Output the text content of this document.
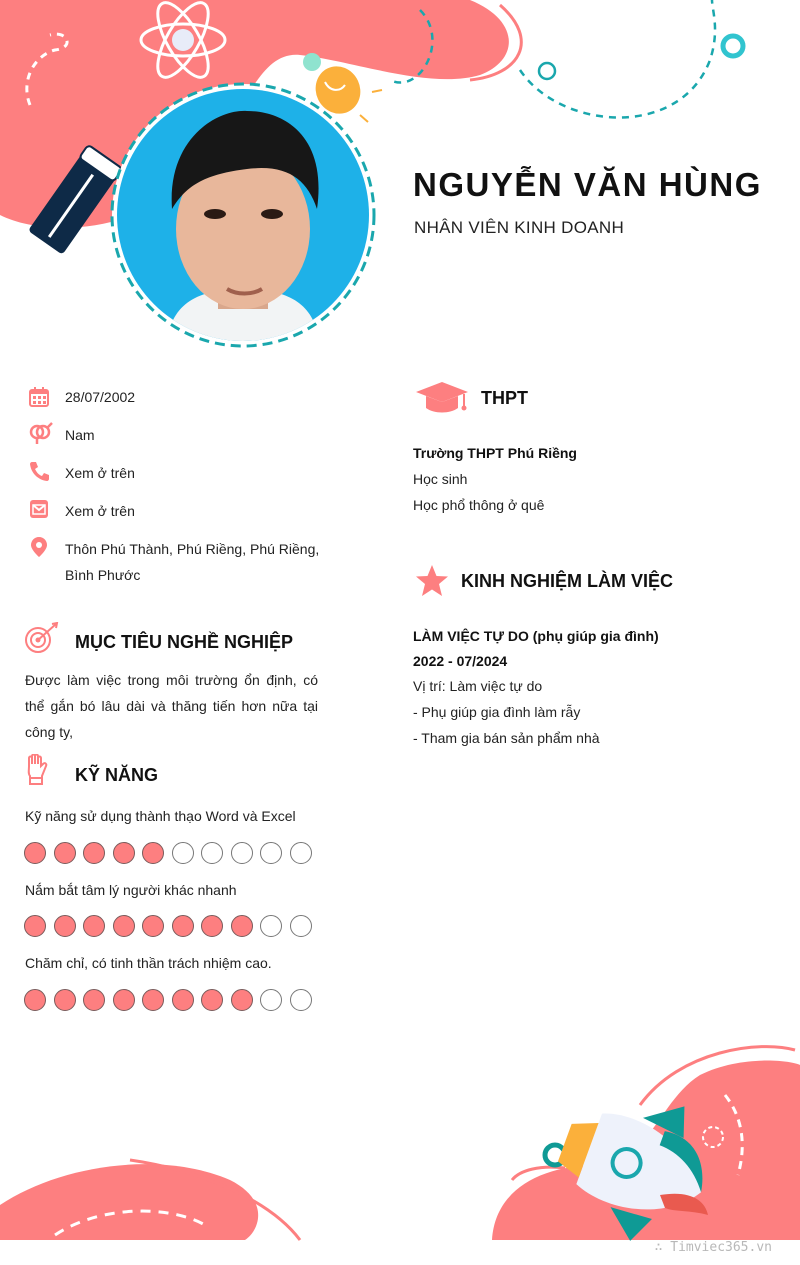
NGUYỄN VĂN HÙNG
NHÂN VIÊN KINH DOANH
28/07/2002
Nam
Xem ở trên
Xem ở trên
Thôn Phú Thành, Phú Riềng, Phú Riềng, Bình Phước
MỤC TIÊU NGHỀ NGHIỆP
Được làm việc trong môi trường ổn định, có thể gắn bó lâu dài và thăng tiến hơn nữa tại công ty,
KỸ NĂNG
Kỹ năng sử dụng thành thạo Word và Excel
Nắm bắt tâm lý người khác nhanh
Chăm chỉ, có tinh thần trách nhiệm cao.
THPT
Trường THPT Phú Riềng
Học sinh
Học phổ thông ở quê
KINH NGHIỆM LÀM VIỆC
LÀM VIỆC TỰ DO (phụ giúp gia đình)
2022 - 07/2024
Vị trí: Làm việc tự do
- Phụ giúp gia đình làm rẫy
- Tham gia bán sản phẩm nhà
∴ Timviec365.vn
